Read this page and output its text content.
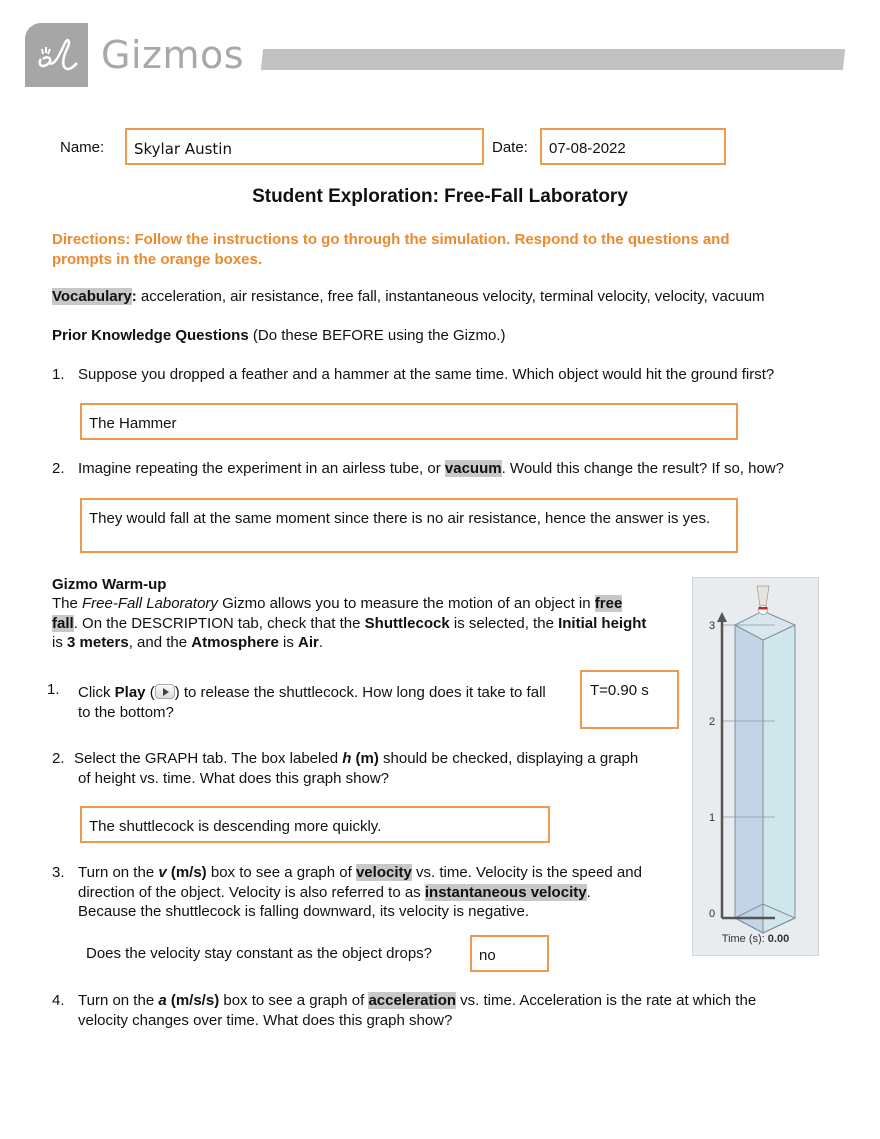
Gizmos
Name: Skylar Austin	Date: 07-08-2022
Student Exploration: Free-Fall Laboratory
Directions: Follow the instructions to go through the simulation. Respond to the questions and prompts in the orange boxes.
Vocabulary: acceleration, air resistance, free fall, instantaneous velocity, terminal velocity, velocity, vacuum
Prior Knowledge Questions (Do these BEFORE using the Gizmo.)
1. Suppose you dropped a feather and a hammer at the same time. Which object would hit the ground first?
The Hammer
2. Imagine repeating the experiment in an airless tube, or vacuum. Would this change the result? If so, how?
They would fall at the same moment since there is no air resistance, hence the answer is yes.
Gizmo Warm-up
The Free-Fall Laboratory Gizmo allows you to measure the motion of an object in free
fall. On the DESCRIPTION tab, check that the Shuttlecock is selected, the Initial height
is 3 meters, and the Atmosphere is Air.
1. Click Play ( ) to release the shuttlecock. How long does it take to fall
to the bottom?
T=0.90 s
2. Select the GRAPH tab. The box labeled h (m) should be checked, displaying a graph
of height vs. time. What does this graph show?
The shuttlecock is descending more quickly.
3. Turn on the v (m/s) box to see a graph of velocity vs. time. Velocity is the speed and
direction of the object. Velocity is also referred to as instantaneous velocity.
Because the shuttlecock is falling downward, its velocity is negative.
Does the velocity stay constant as the object drops?	no
4. Turn on the a (m/s/s) box to see a graph of acceleration vs. time. Acceleration is the rate at which the
velocity changes over time. What does this graph show?
3
2
1
0
Time (s): 0.00
